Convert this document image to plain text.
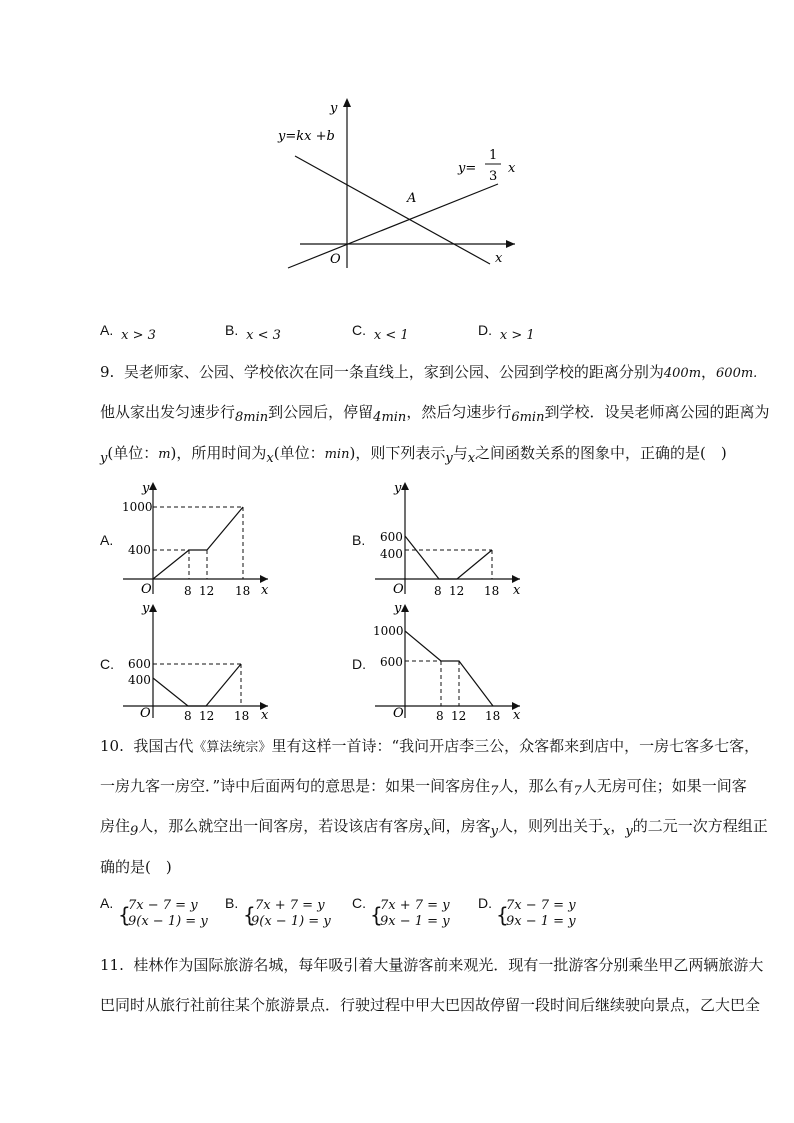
x
y
O
y=kx +b
y=
1
3
x
A
A. x > 3	B. x < 3	C. x < 1	D. x > 1
9. 吴老师家、公园、学校依次在同一条直线上，家到公园、公园到学校的距离分别为400m，600m.
他从家出发匀速步行8min到公园后，停留4min，然后匀速步行6min到学校．设吴老师离公园的距离为
y(单位：m)，所用时间为x(单位：min)，则下列表示y与x之间函数关系的图象中，正确的是(　)
A.
y
x
O	8 12 18
1000
400
B.
y
x
O	8 12 18
600
400
C.
y
x
O	8 12 18
600
400
D.
y
x
O	8 12 18
1000
600
10. 我国古代《算法统宗》里有这样一首诗：“我问开店李三公，众客都来到店中，一房七客多七客，
一房九客一房空．”诗中后面两句的意思是：如果一间客房住7人，那么有7人无房可住；如果一间客
房住9人，那么就空出一间客房，若设该店有客房x间，房客y人，则列出关于x，y的二元一次方程组正
确的是(　)
A. {
7x − 7 = y
9(x − 1) = y
B. { 7x + 7 = y
9(x − 1) = y
C. {
7x + 7 = y
9x − 1 = y
D. {
7x − 7 = y
9x − 1 = y
11. 桂林作为国际旅游名城，每年吸引着大量游客前来观光．现有一批游客分别乘坐甲乙两辆旅游大
巴同时从旅行社前往某个旅游景点．行驶过程中甲大巴因故停留一段时间后继续驶向景点，乙大巴全
